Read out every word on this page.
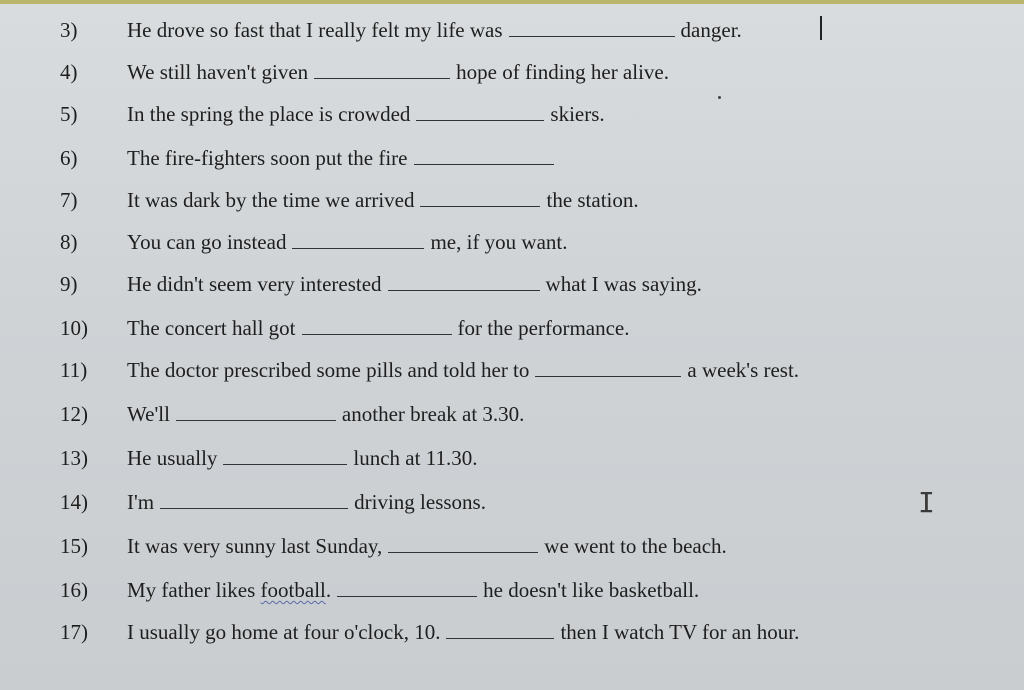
3)	He drove so fast that I really felt my life was	danger.
4)	We still haven't given	hope of finding her alive.
5)	In the spring the place is crowded	skiers.
6)	The fire-fighters soon put the fire
7)	It was dark by the time we arrived	the station.
8)	You can go instead	me, if you want.
9)	He didn't seem very interested	what I was saying.
10)	The concert hall got	for the performance.
11)	The doctor prescribed some pills and told her to	a week's rest.
12)	We'll	another break at 3.30.
13)	He usually	lunch at 11.30.
14)	I'm	driving lessons.
15)	It was very sunny last Sunday,	we went to the beach.
16)	My father likes
football .	he doesn't like basketball.
17)	I usually go home at four o'clock, 10.	then I watch TV for an hour.
I
